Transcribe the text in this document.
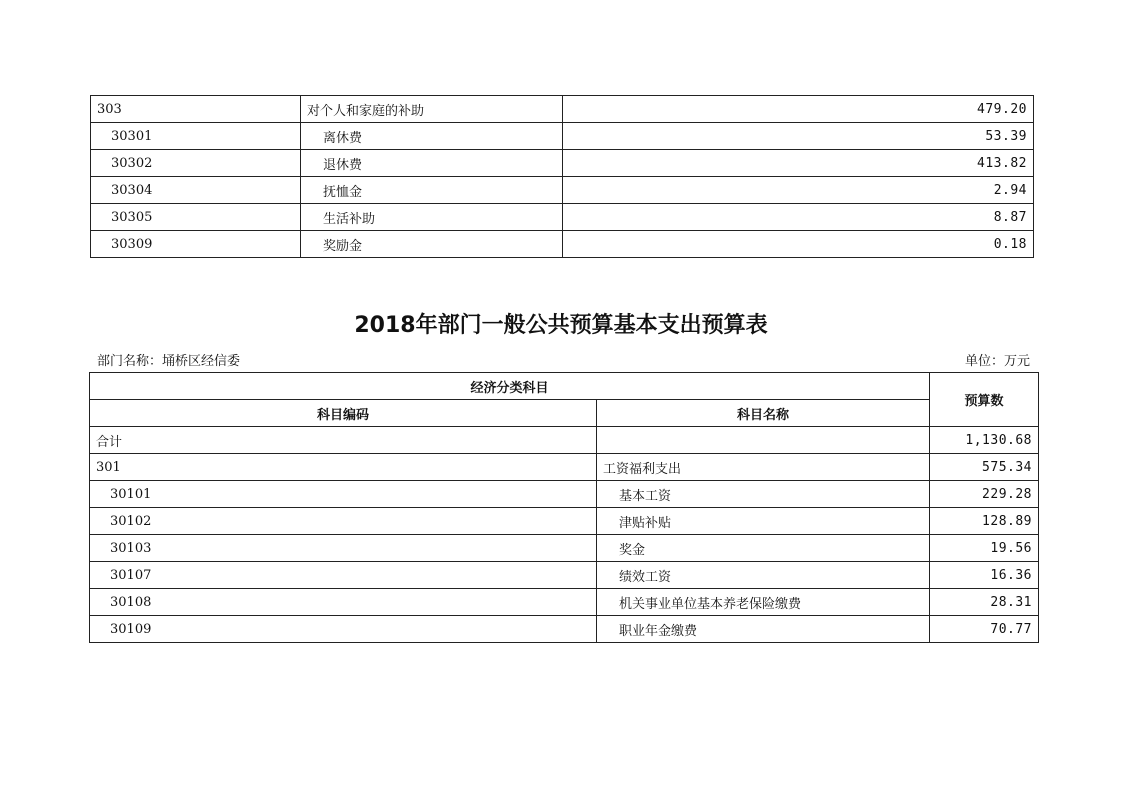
303	对个人和家庭的补助	479.20
30301	离休费	53.39
30302	退休费	413.82
30304	抚恤金	2.94
30305	生活补助	8.87
30309	奖励金	0.18
2018年部门一般公共预算基本支出预算表
部门名称：埇桥区经信委	单位：万元
经济分类科目		预算数
科目编码	科目名称	
合计		1,130.68
301	工资福利支出	575.34
30101	基本工资	229.28
30102	津贴补贴	128.89
30103	奖金	19.56
30107	绩效工资	16.36
30108	机关事业单位基本养老保险缴费	28.31
30109	职业年金缴费	70.77
